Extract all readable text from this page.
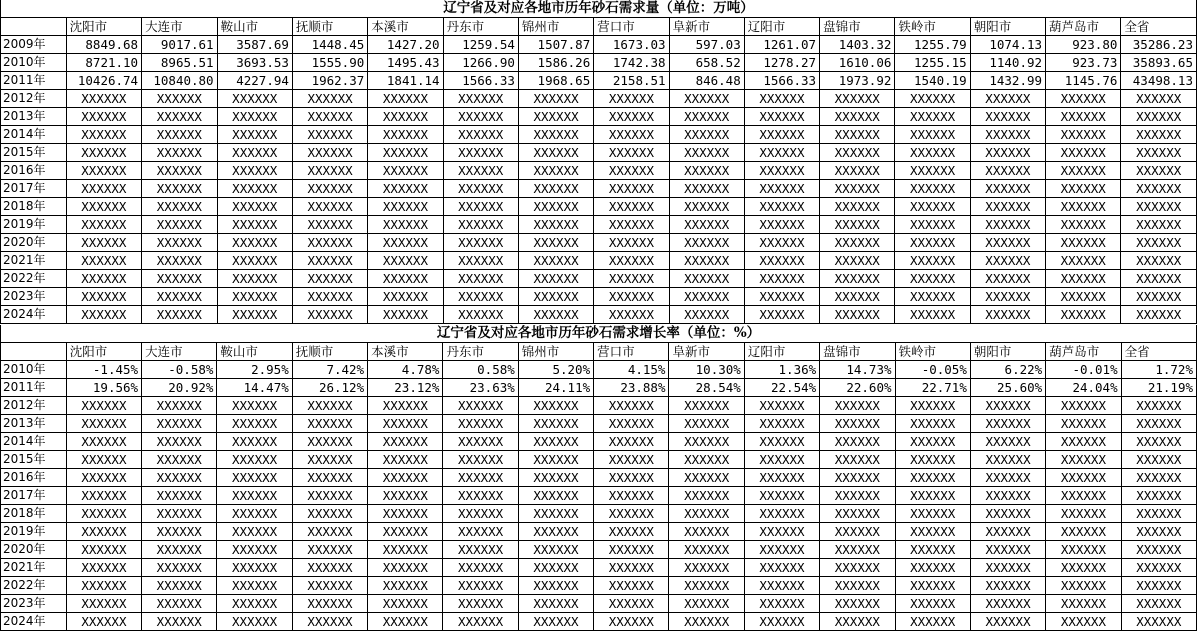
辽宁省及对应各地市历年砂石需求量（单位：万吨）															
	沈阳市	大连市	鞍山市	抚顺市	本溪市	丹东市	锦州市	营口市	阜新市	辽阳市	盘锦市	铁岭市	朝阳市	葫芦岛市	全省
2009年	8849.68	9017.61	3587.69	1448.45	1427.20	1259.54	1507.87	1673.03	597.03	1261.07	1403.32	1255.79	1074.13	923.80	35286.23
2010年	8721.10	8965.51	3693.53	1555.90	1495.43	1266.90	1586.26	1742.38	658.52	1278.27	1610.06	1255.15	1140.92	923.73	35893.65
2011年	10426.74	10840.80	4227.94	1962.37	1841.14	1566.33	1968.65	2158.51	846.48	1566.33	1973.92	1540.19	1432.99	1145.76	43498.13
2012年	XXXXXX	XXXXXX	XXXXXX	XXXXXX	XXXXXX	XXXXXX	XXXXXX	XXXXXX	XXXXXX	XXXXXX	XXXXXX	XXXXXX	XXXXXX	XXXXXX	XXXXXX
2013年	XXXXXX	XXXXXX	XXXXXX	XXXXXX	XXXXXX	XXXXXX	XXXXXX	XXXXXX	XXXXXX	XXXXXX	XXXXXX	XXXXXX	XXXXXX	XXXXXX	XXXXXX
2014年	XXXXXX	XXXXXX	XXXXXX	XXXXXX	XXXXXX	XXXXXX	XXXXXX	XXXXXX	XXXXXX	XXXXXX	XXXXXX	XXXXXX	XXXXXX	XXXXXX	XXXXXX
2015年	XXXXXX	XXXXXX	XXXXXX	XXXXXX	XXXXXX	XXXXXX	XXXXXX	XXXXXX	XXXXXX	XXXXXX	XXXXXX	XXXXXX	XXXXXX	XXXXXX	XXXXXX
2016年	XXXXXX	XXXXXX	XXXXXX	XXXXXX	XXXXXX	XXXXXX	XXXXXX	XXXXXX	XXXXXX	XXXXXX	XXXXXX	XXXXXX	XXXXXX	XXXXXX	XXXXXX
2017年	XXXXXX	XXXXXX	XXXXXX	XXXXXX	XXXXXX	XXXXXX	XXXXXX	XXXXXX	XXXXXX	XXXXXX	XXXXXX	XXXXXX	XXXXXX	XXXXXX	XXXXXX
2018年	XXXXXX	XXXXXX	XXXXXX	XXXXXX	XXXXXX	XXXXXX	XXXXXX	XXXXXX	XXXXXX	XXXXXX	XXXXXX	XXXXXX	XXXXXX	XXXXXX	XXXXXX
2019年	XXXXXX	XXXXXX	XXXXXX	XXXXXX	XXXXXX	XXXXXX	XXXXXX	XXXXXX	XXXXXX	XXXXXX	XXXXXX	XXXXXX	XXXXXX	XXXXXX	XXXXXX
2020年	XXXXXX	XXXXXX	XXXXXX	XXXXXX	XXXXXX	XXXXXX	XXXXXX	XXXXXX	XXXXXX	XXXXXX	XXXXXX	XXXXXX	XXXXXX	XXXXXX	XXXXXX
2021年	XXXXXX	XXXXXX	XXXXXX	XXXXXX	XXXXXX	XXXXXX	XXXXXX	XXXXXX	XXXXXX	XXXXXX	XXXXXX	XXXXXX	XXXXXX	XXXXXX	XXXXXX
2022年	XXXXXX	XXXXXX	XXXXXX	XXXXXX	XXXXXX	XXXXXX	XXXXXX	XXXXXX	XXXXXX	XXXXXX	XXXXXX	XXXXXX	XXXXXX	XXXXXX	XXXXXX
2023年	XXXXXX	XXXXXX	XXXXXX	XXXXXX	XXXXXX	XXXXXX	XXXXXX	XXXXXX	XXXXXX	XXXXXX	XXXXXX	XXXXXX	XXXXXX	XXXXXX	XXXXXX
2024年	XXXXXX	XXXXXX	XXXXXX	XXXXXX	XXXXXX	XXXXXX	XXXXXX	XXXXXX	XXXXXX	XXXXXX	XXXXXX	XXXXXX	XXXXXX	XXXXXX	XXXXXX
辽宁省及对应各地市历年砂石需求增长率（单位：%）															
	沈阳市	大连市	鞍山市	抚顺市	本溪市	丹东市	锦州市	营口市	阜新市	辽阳市	盘锦市	铁岭市	朝阳市	葫芦岛市	全省
2010年	-1.45%	-0.58%	2.95%	7.42%	4.78%	0.58%	5.20%	4.15%	10.30%	1.36%	14.73%	-0.05%	6.22%	-0.01%	1.72%
2011年	19.56%	20.92%	14.47%	26.12%	23.12%	23.63%	24.11%	23.88%	28.54%	22.54%	22.60%	22.71%	25.60%	24.04%	21.19%
2012年	XXXXXX	XXXXXX	XXXXXX	XXXXXX	XXXXXX	XXXXXX	XXXXXX	XXXXXX	XXXXXX	XXXXXX	XXXXXX	XXXXXX	XXXXXX	XXXXXX	XXXXXX
2013年	XXXXXX	XXXXXX	XXXXXX	XXXXXX	XXXXXX	XXXXXX	XXXXXX	XXXXXX	XXXXXX	XXXXXX	XXXXXX	XXXXXX	XXXXXX	XXXXXX	XXXXXX
2014年	XXXXXX	XXXXXX	XXXXXX	XXXXXX	XXXXXX	XXXXXX	XXXXXX	XXXXXX	XXXXXX	XXXXXX	XXXXXX	XXXXXX	XXXXXX	XXXXXX	XXXXXX
2015年	XXXXXX	XXXXXX	XXXXXX	XXXXXX	XXXXXX	XXXXXX	XXXXXX	XXXXXX	XXXXXX	XXXXXX	XXXXXX	XXXXXX	XXXXXX	XXXXXX	XXXXXX
2016年	XXXXXX	XXXXXX	XXXXXX	XXXXXX	XXXXXX	XXXXXX	XXXXXX	XXXXXX	XXXXXX	XXXXXX	XXXXXX	XXXXXX	XXXXXX	XXXXXX	XXXXXX
2017年	XXXXXX	XXXXXX	XXXXXX	XXXXXX	XXXXXX	XXXXXX	XXXXXX	XXXXXX	XXXXXX	XXXXXX	XXXXXX	XXXXXX	XXXXXX	XXXXXX	XXXXXX
2018年	XXXXXX	XXXXXX	XXXXXX	XXXXXX	XXXXXX	XXXXXX	XXXXXX	XXXXXX	XXXXXX	XXXXXX	XXXXXX	XXXXXX	XXXXXX	XXXXXX	XXXXXX
2019年	XXXXXX	XXXXXX	XXXXXX	XXXXXX	XXXXXX	XXXXXX	XXXXXX	XXXXXX	XXXXXX	XXXXXX	XXXXXX	XXXXXX	XXXXXX	XXXXXX	XXXXXX
2020年	XXXXXX	XXXXXX	XXXXXX	XXXXXX	XXXXXX	XXXXXX	XXXXXX	XXXXXX	XXXXXX	XXXXXX	XXXXXX	XXXXXX	XXXXXX	XXXXXX	XXXXXX
2021年	XXXXXX	XXXXXX	XXXXXX	XXXXXX	XXXXXX	XXXXXX	XXXXXX	XXXXXX	XXXXXX	XXXXXX	XXXXXX	XXXXXX	XXXXXX	XXXXXX	XXXXXX
2022年	XXXXXX	XXXXXX	XXXXXX	XXXXXX	XXXXXX	XXXXXX	XXXXXX	XXXXXX	XXXXXX	XXXXXX	XXXXXX	XXXXXX	XXXXXX	XXXXXX	XXXXXX
2023年	XXXXXX	XXXXXX	XXXXXX	XXXXXX	XXXXXX	XXXXXX	XXXXXX	XXXXXX	XXXXXX	XXXXXX	XXXXXX	XXXXXX	XXXXXX	XXXXXX	XXXXXX
2024年	XXXXXX	XXXXXX	XXXXXX	XXXXXX	XXXXXX	XXXXXX	XXXXXX	XXXXXX	XXXXXX	XXXXXX	XXXXXX	XXXXXX	XXXXXX	XXXXXX	XXXXXX
